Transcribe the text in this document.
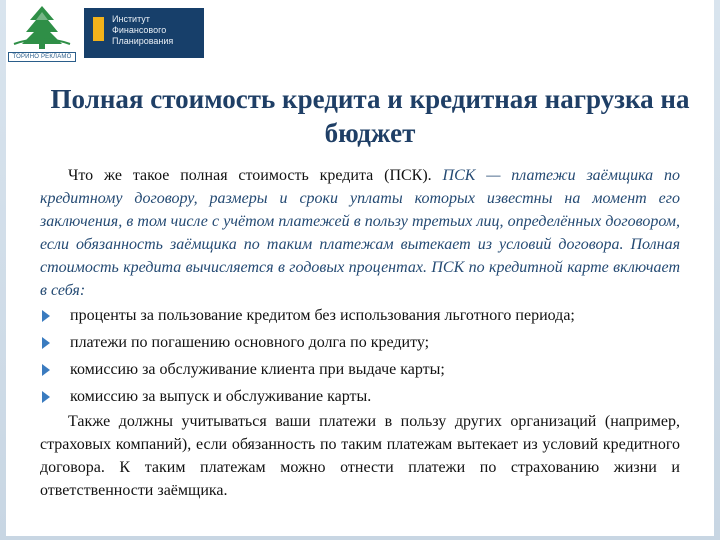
ТОРИНО РЕКЛАМО
Институт
Финансового
Планирования
Полная стоимость кредита и кредитная нагрузка на бюджет

Что же такое полная стоимость кредита (ПСК). ПСК — платежи заёмщика по кредитному договору, размеры и сроки уплаты которых известны на момент его заключения, в том числе с учётом платежей в пользу третьих лиц, определённых договором, если обязанность заёмщика по таким платежам вытекает из условий договора. Полная стоимость кредита вычисляется в годовых процентах. ПСК по кредитной карте включает в себя:

проценты за пользование кредитом без использования льготного периода;
платежи по погашению основного долга по кредиту;
комиссию за обслуживание клиента при выдаче карты;
комиссию за выпуск и обслуживание карты.

Также должны учитываться ваши платежи в пользу других организаций (например, страховых компаний), если обязанность по таким платежам вытекает из условий кредитного договора. К таким платежам можно отнести платежи по страхованию жизни и ответственности заёмщика.
